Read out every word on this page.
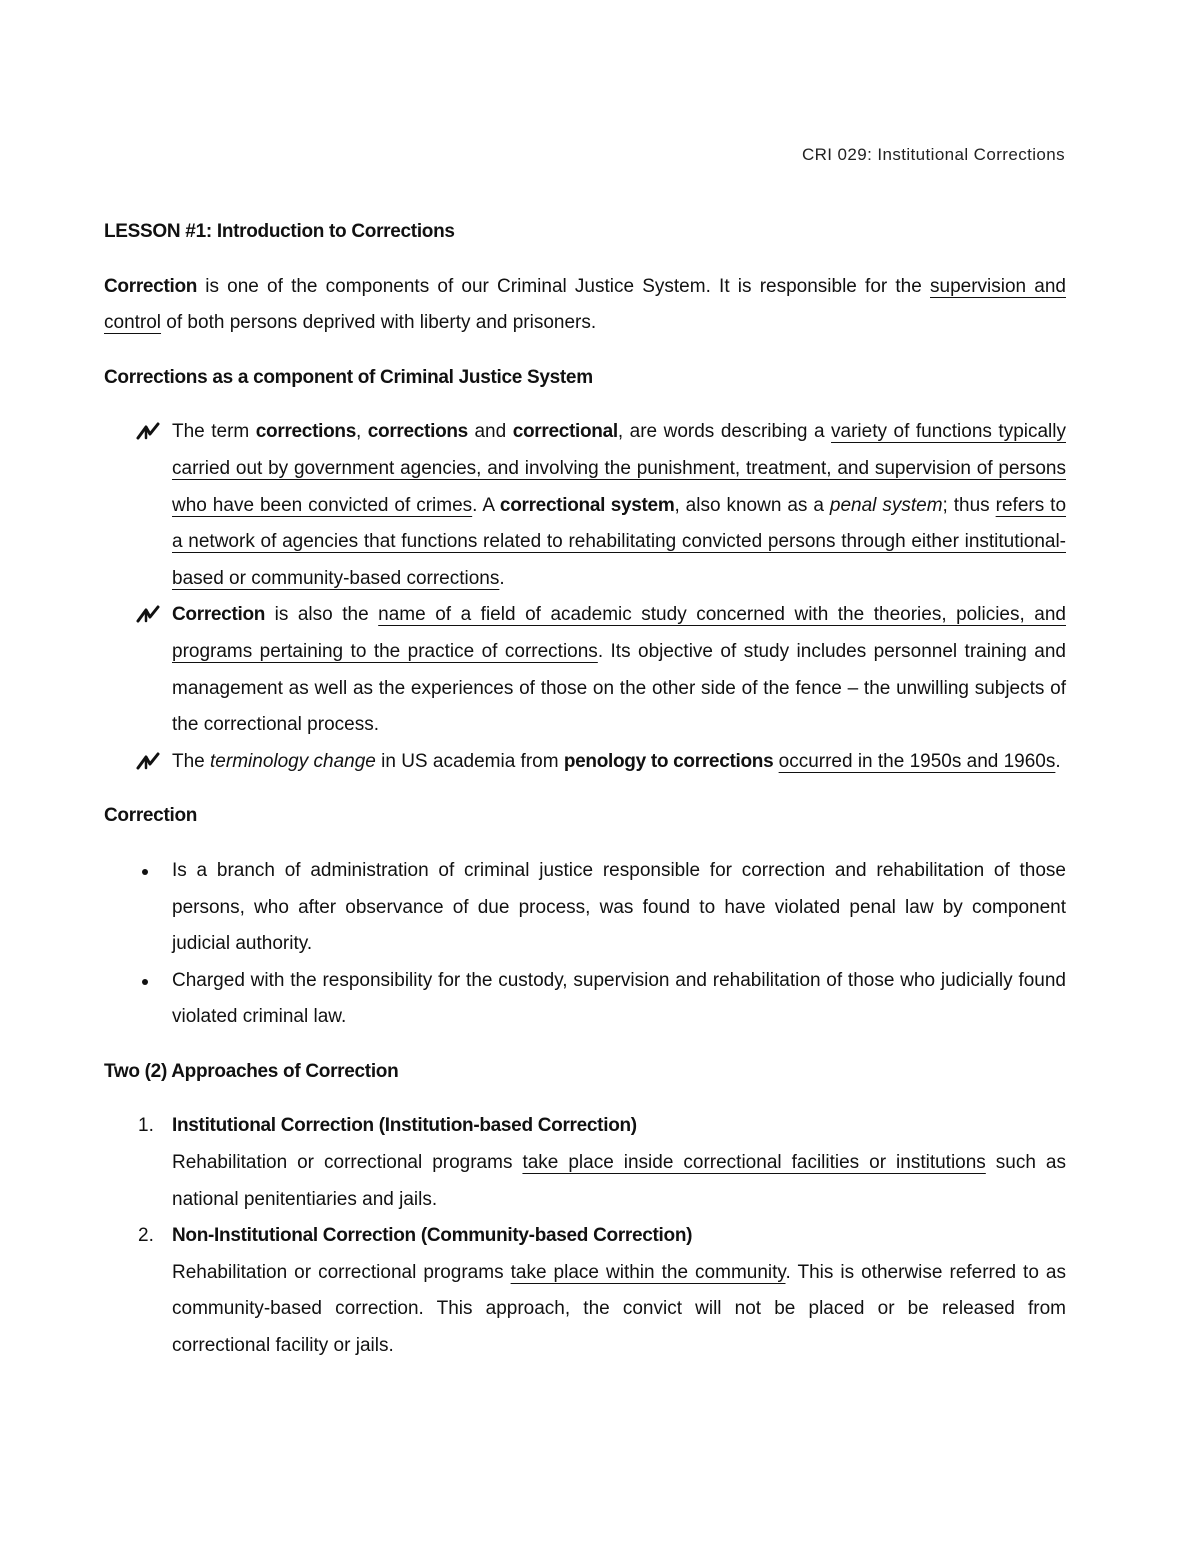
CRI 029: Institutional Corrections

LESSON #1: Introduction to Corrections

Correction is one of the components of our Criminal Justice System. It is responsible for the supervision and control of both persons deprived with liberty and prisoners.

Corrections as a component of Criminal Justice System

The term corrections, corrections and correctional, are words describing a variety of functions typically carried out by government agencies, and involving the punishment, treatment, and supervision of persons who have been convicted of crimes. A correctional system, also known as a penal system; thus refers to a network of agencies that functions related to rehabilitating convicted persons through either institutional-based or community-based corrections.
Correction is also the name of a field of academic study concerned with the theories, policies, and programs pertaining to the practice of corrections. Its objective of study includes personnel training and management as well as the experiences of those on the other side of the fence – the unwilling subjects of the correctional process.
The terminology change in US academia from penology to corrections occurred in the 1950s and 1960s.

Correction

Is a branch of administration of criminal justice responsible for correction and rehabilitation of those persons, who after observance of due process, was found to have violated penal law by component judicial authority.
Charged with the responsibility for the custody, supervision and rehabilitation of those who judicially found violated criminal law.

Two (2) Approaches of Correction

1. Institutional Correction (Institution-based Correction)
Rehabilitation or correctional programs take place inside correctional facilities or institutions such as national penitentiaries and jails.
2. Non-Institutional Correction (Community-based Correction)
Rehabilitation or correctional programs take place within the community. This is otherwise referred to as community-based correction. This approach, the convict will not be placed or be released from correctional facility or jails.
